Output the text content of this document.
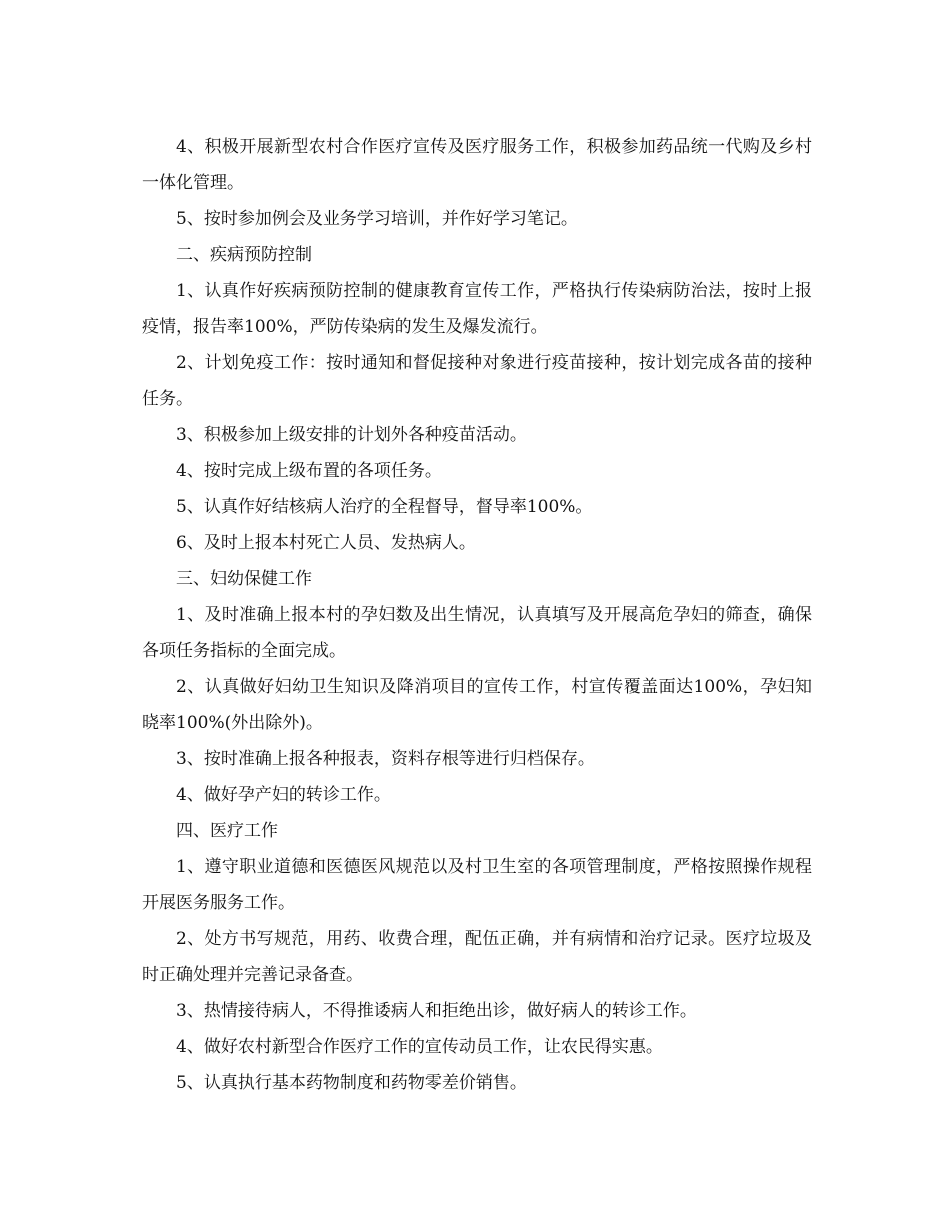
4、积极开展新型农村合作医疗宣传及医疗服务工作，积极参加药品统一代购及乡村一体化管理。

5、按时参加例会及业务学习培训，并作好学习笔记。

二、疾病预防控制

1、认真作好疾病预防控制的健康教育宣传工作，严格执行传染病防治法，按时上报疫情，报告率100%，严防传染病的发生及爆发流行。

2、计划免疫工作：按时通知和督促接种对象进行疫苗接种，按计划完成各苗的接种任务。

3、积极参加上级安排的计划外各种疫苗活动。

4、按时完成上级布置的各项任务。

5、认真作好结核病人治疗的全程督导，督导率100%。

6、及时上报本村死亡人员、发热病人。

三、妇幼保健工作

1、及时准确上报本村的孕妇数及出生情况，认真填写及开展高危孕妇的筛查，确保各项任务指标的全面完成。

2、认真做好妇幼卫生知识及降消项目的宣传工作，村宣传覆盖面达100%，孕妇知晓率100%(外出除外)。

3、按时准确上报各种报表，资料存根等进行归档保存。

4、做好孕产妇的转诊工作。

四、医疗工作

1、遵守职业道德和医德医风规范以及村卫生室的各项管理制度，严格按照操作规程开展医务服务工作。

2、处方书写规范，用药、收费合理，配伍正确，并有病情和治疗记录。医疗垃圾及时正确处理并完善记录备查。

3、热情接待病人，不得推诿病人和拒绝出诊，做好病人的转诊工作。

4、做好农村新型合作医疗工作的宣传动员工作，让农民得实惠。

5、认真执行基本药物制度和药物零差价销售。
